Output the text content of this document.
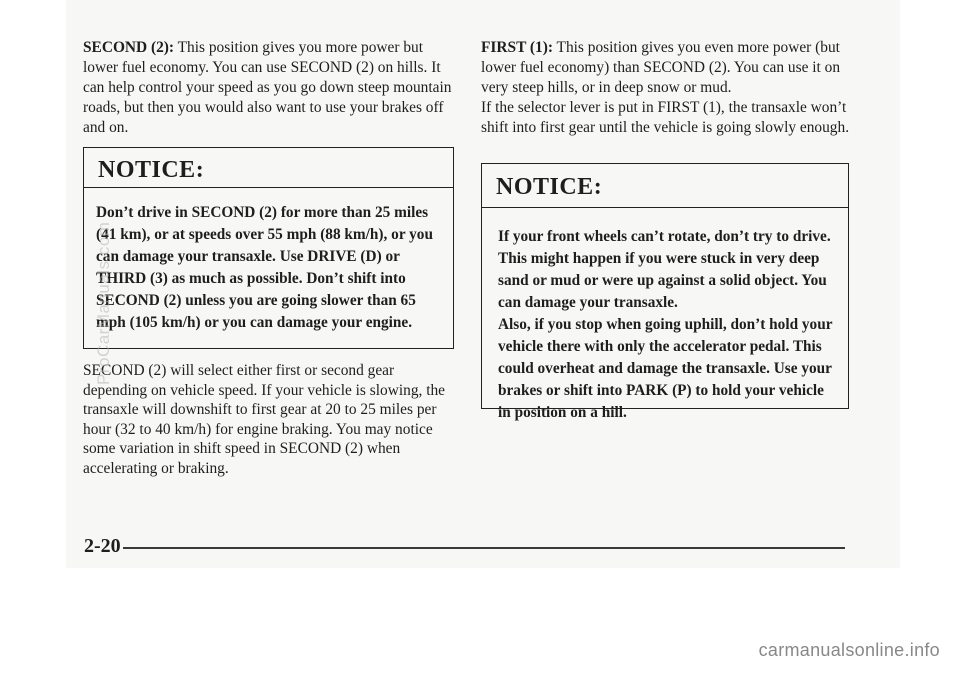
SECOND (2): This position gives you more power but lower fuel economy. You can use SECOND (2) on hills. It can help control your speed as you go down steep mountain roads, but then you would also want to use your brakes off and on.

NOTICE:
Don’t drive in SECOND (2) for more than 25 miles (41 km), or at speeds over 55 mph (88 km/h), or you can damage your transaxle. Use DRIVE (D) or THIRD (3) as much as possible. Don’t shift into SECOND (2) unless you are going slower than 65 mph (105 km/h) or you can damage your engine.
SECOND (2) will select either first or second gear depending on vehicle speed. If your vehicle is slowing, the transaxle will downshift to first gear at 20 to 25 miles per hour (32 to 40 km/h) for engine braking. You may notice some variation in shift speed in SECOND (2) when accelerating or braking.

FIRST (1): This position gives you even more power (but lower fuel economy) than SECOND (2). You can use it on very steep hills, or in deep snow or mud.

If the selector lever is put in FIRST (1), the transaxle won’t shift into first gear until the vehicle is going slowly enough.

NOTICE:
If your front wheels can’t rotate, don’t try to drive. This might happen if you were stuck in very deep sand or mud or were up against a solid object. You can damage your transaxle.
Also, if you stop when going uphill, don’t hold your vehicle there with only the accelerator pedal. This could overheat and damage the transaxle. Use your brakes or shift into PARK (P) to hold your vehicle in position on a hill.
2-20
ProCarManuals.com
carmanualsonline.info
